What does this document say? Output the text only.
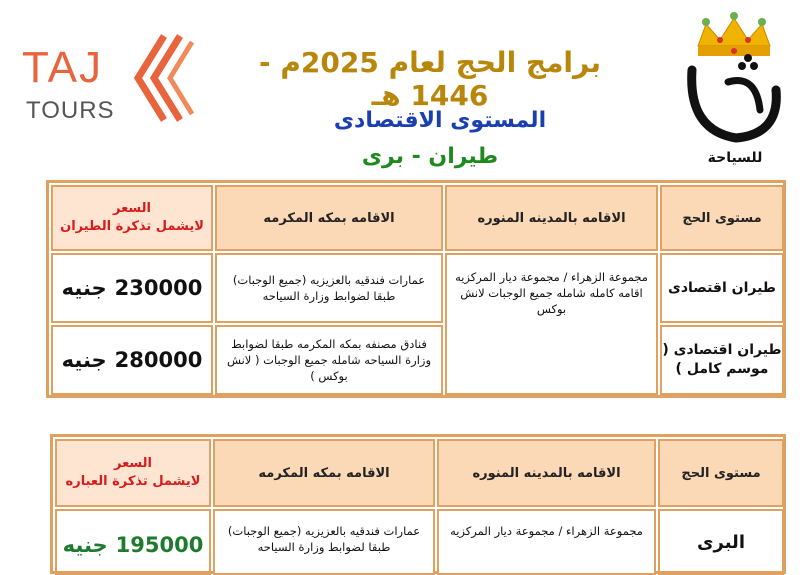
TAJ
TOURS
للسياحة
برامج الحج لعام 2025م - 1446 هـ
المستوى الاقتصادى
طيران - برى
مستوى الحج
الاقامه بالمدينه المنوره
الاقامه بمكه المكرمه
السعر
لايشمل تذكرة الطيران
طيران اقتصادى
مجموعة الزهراء / مجموعة ديار المركزيه اقامه كامله شامله جميع الوجبات لانش بوكس
عمارات فندقيه بالعزيزيه (جميع الوجبات) طبقا لضوابط وزارة السياحه
230000
جنيه
طيران اقتصادى ( موسم كامل )
فنادق مصنفه بمكه المكرمه طبقا لضوابط وزارة السياحه شامله جميع الوجبات ( لانش بوكس )
280000
جنيه
مستوى الحج
الاقامه بالمدينه المنوره
الاقامه بمكه المكرمه
السعر
لايشمل تذكرة العباره
البرى
مجموعة الزهراء / مجموعة ديار المركزيه
عمارات فندقيه بالعزيزيه (جميع الوجبات) طبقا لضوابط وزارة السياحه
195000
جنيه
